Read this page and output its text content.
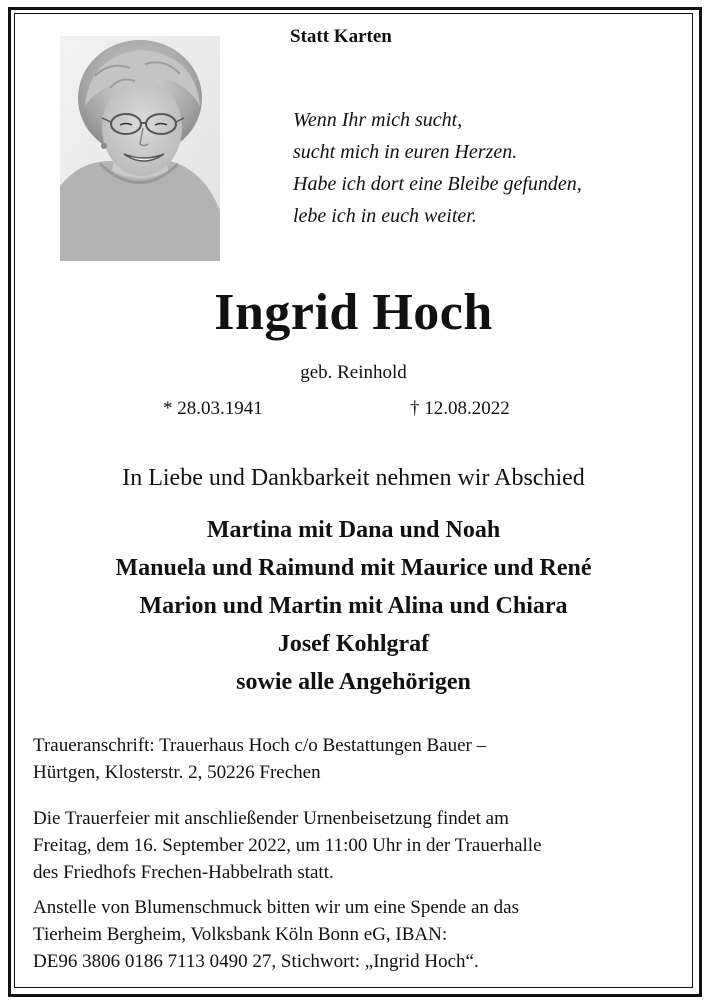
Statt Karten
Wenn Ihr mich sucht,
sucht mich in euren Herzen.
Habe ich dort eine Bleibe gefunden,
lebe ich in euch weiter.
Ingrid Hoch
geb. Reinhold
* 28.03.1941	† 12.08.2022
In Liebe und Dankbarkeit nehmen wir Abschied
Martina mit Dana und Noah
Manuela und Raimund mit Maurice und René
Marion und Martin mit Alina und Chiara
Josef Kohlgraf
sowie alle Angehörigen
Traueranschrift: Trauerhaus Hoch c/o Bestattungen Bauer –
Hürtgen, Klosterstr. 2, 50226 Frechen
Die Trauerfeier mit anschließender Urnenbeisetzung findet am
Freitag, dem 16. September 2022, um 11:00 Uhr in der Trauerhalle
des Friedhofs Frechen-Habbelrath statt.
Anstelle von Blumenschmuck bitten wir um eine Spende an das
Tierheim Bergheim, Volksbank Köln Bonn eG, IBAN:
DE96 3806 0186 7113 0490 27, Stichwort: „Ingrid Hoch“.
